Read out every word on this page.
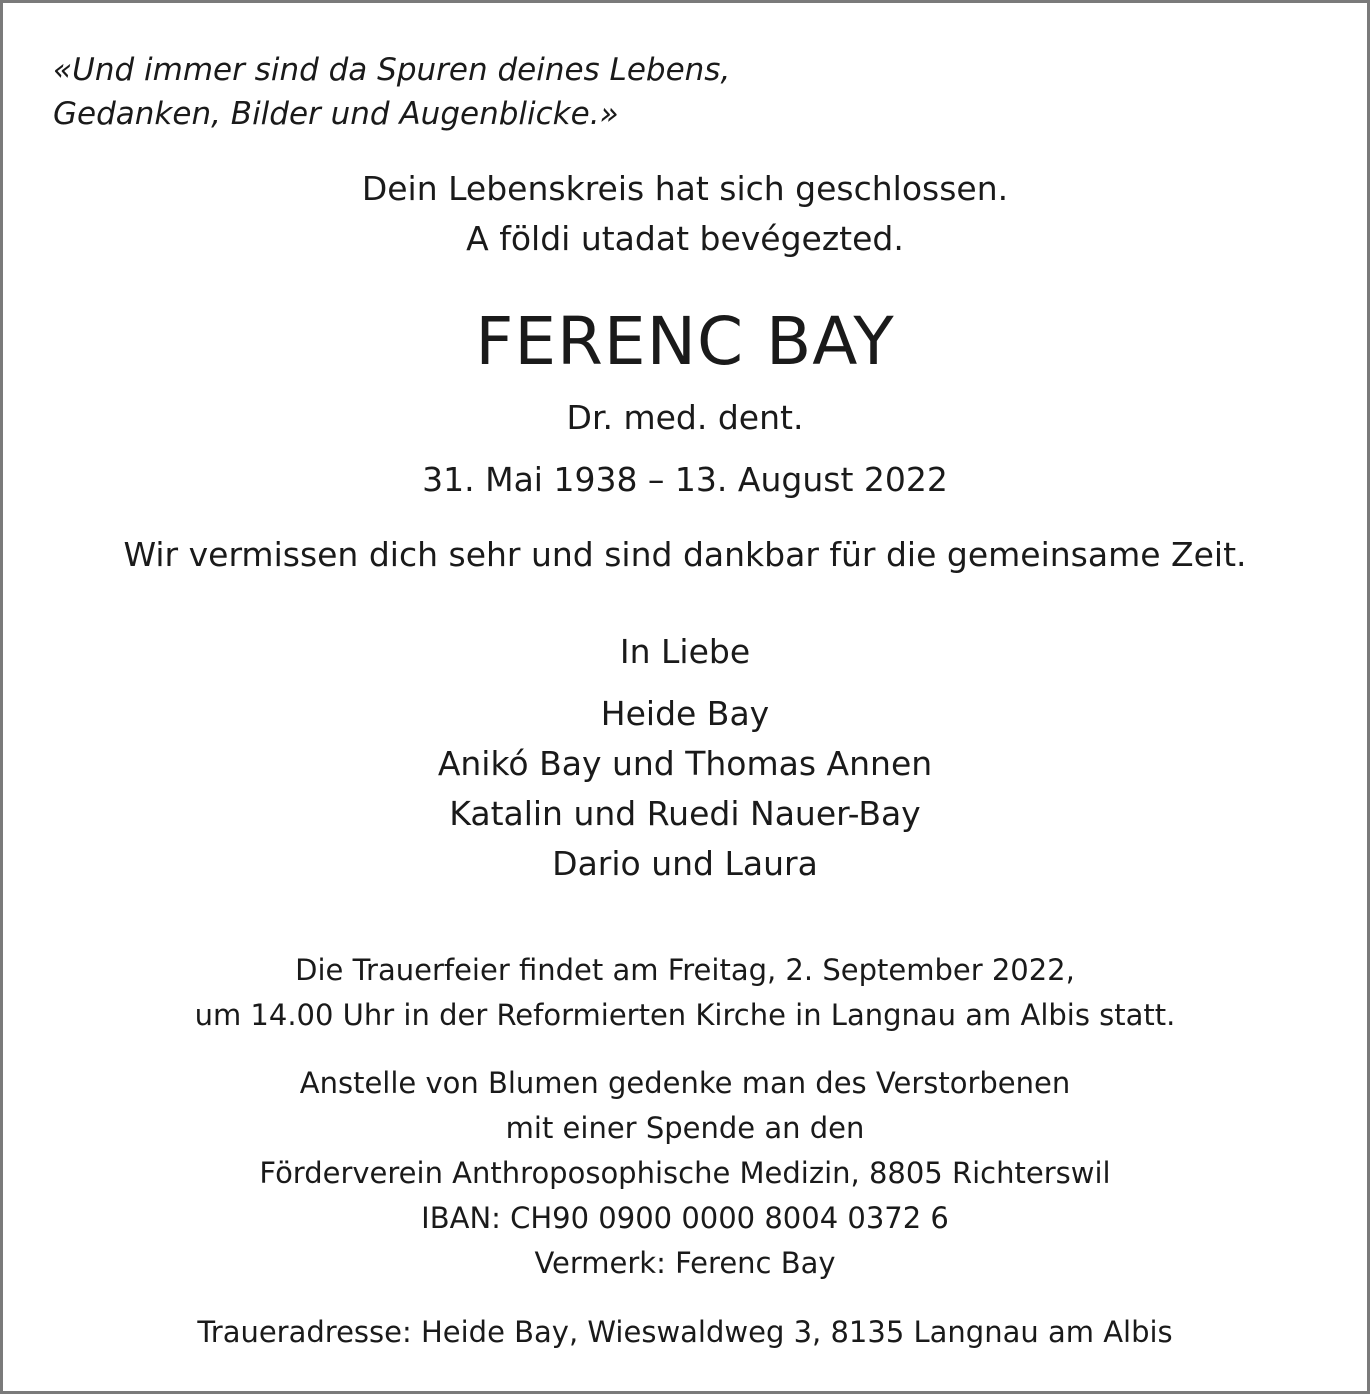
«Und immer sind da Spuren deines Lebens,
Gedanken, Bilder und Augenblicke.»
Dein Lebenskreis hat sich geschlossen.
A földi utadat bevégezted.
FERENC BAY
Dr. med. dent.
31. Mai 1938 – 13. August 2022
Wir vermissen dich sehr und sind dankbar für die gemeinsame Zeit.
In Liebe
Heide Bay
Anikó Bay und Thomas Annen
Katalin und Ruedi Nauer-Bay
Dario und Laura
Die Trauerfeier findet am Freitag, 2. September 2022,
um 14.00 Uhr in der Reformierten Kirche in Langnau am Albis statt.
Anstelle von Blumen gedenke man des Verstorbenen
mit einer Spende an den
Förderverein Anthroposophische Medizin, 8805 Richterswil
IBAN: CH90 0900 0000 8004 0372 6
Vermerk: Ferenc Bay
Traueradresse: Heide Bay, Wieswaldweg 3, 8135 Langnau am Albis
